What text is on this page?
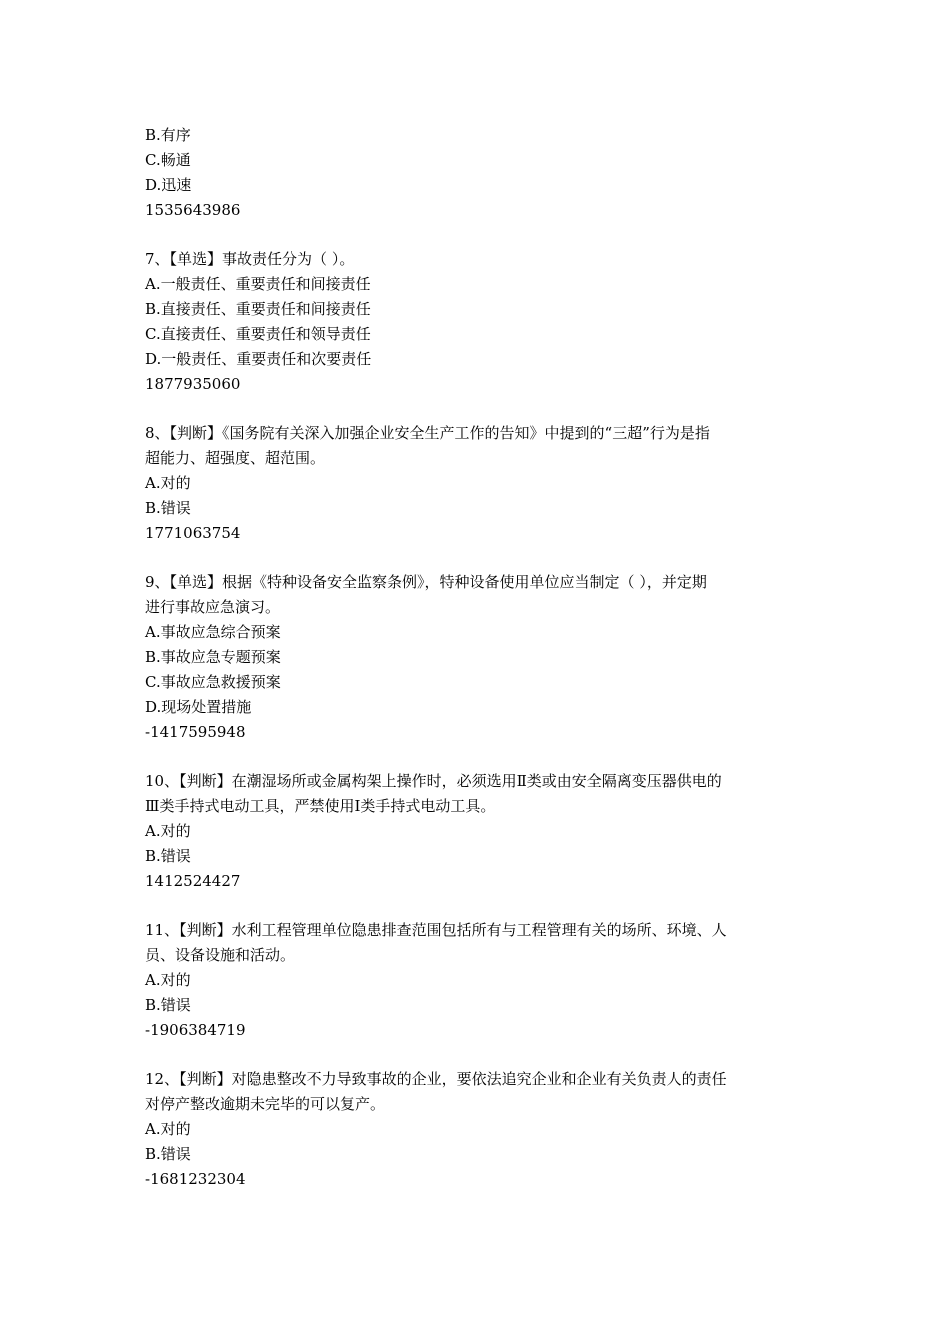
B.有序
C.畅通
D.迅速
1535643986
7、【单选】事故责任分为（ ）。
A.一般责任、重要责任和间接责任
B.直接责任、重要责任和间接责任
C.直接责任、重要责任和领导责任
D.一般责任、重要责任和次要责任
1877935060
8、【判断】《国务院有关深入加强企业安全生产工作的告知》中提到的“三超”行为是指
超能力、超强度、超范围。
A.对的
B.错误
1771063754
9、【单选】根据《特种设备安全监察条例》，特种设备使用单位应当制定（ ），并定期
进行事故应急演习。
A.事故应急综合预案
B.事故应急专题预案
C.事故应急救援预案
D.现场处置措施
-1417595948
10、【判断】在潮湿场所或金属构架上操作时，必须选用Ⅱ类或由安全隔离变压器供电的
Ⅲ类手持式电动工具，严禁使用Ⅰ类手持式电动工具。
A.对的
B.错误
1412524427
11、【判断】水利工程管理单位隐患排查范围包括所有与工程管理有关的场所、环境、人
员、设备设施和活动。
A.对的
B.错误
-1906384719
12、【判断】对隐患整改不力导致事故的企业，要依法追究企业和企业有关负责人的责任
对停产整改逾期未完毕的可以复产。
A.对的
B.错误
-1681232304
